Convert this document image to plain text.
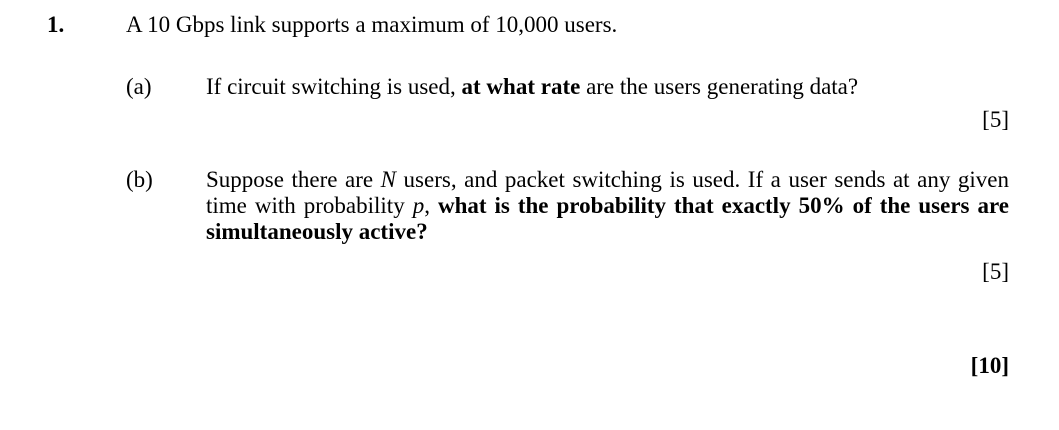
1.	A 10 Gbps link supports a maximum of 10,000 users.
(a) If circuit switching is used, at what rate are the users generating data?
[5]
(b) Suppose there are N users, and packet switching is used. If a user sends at any given time with probability p, what is the probability that exactly 50% of the users are simultaneously active?
[5]
[10]
